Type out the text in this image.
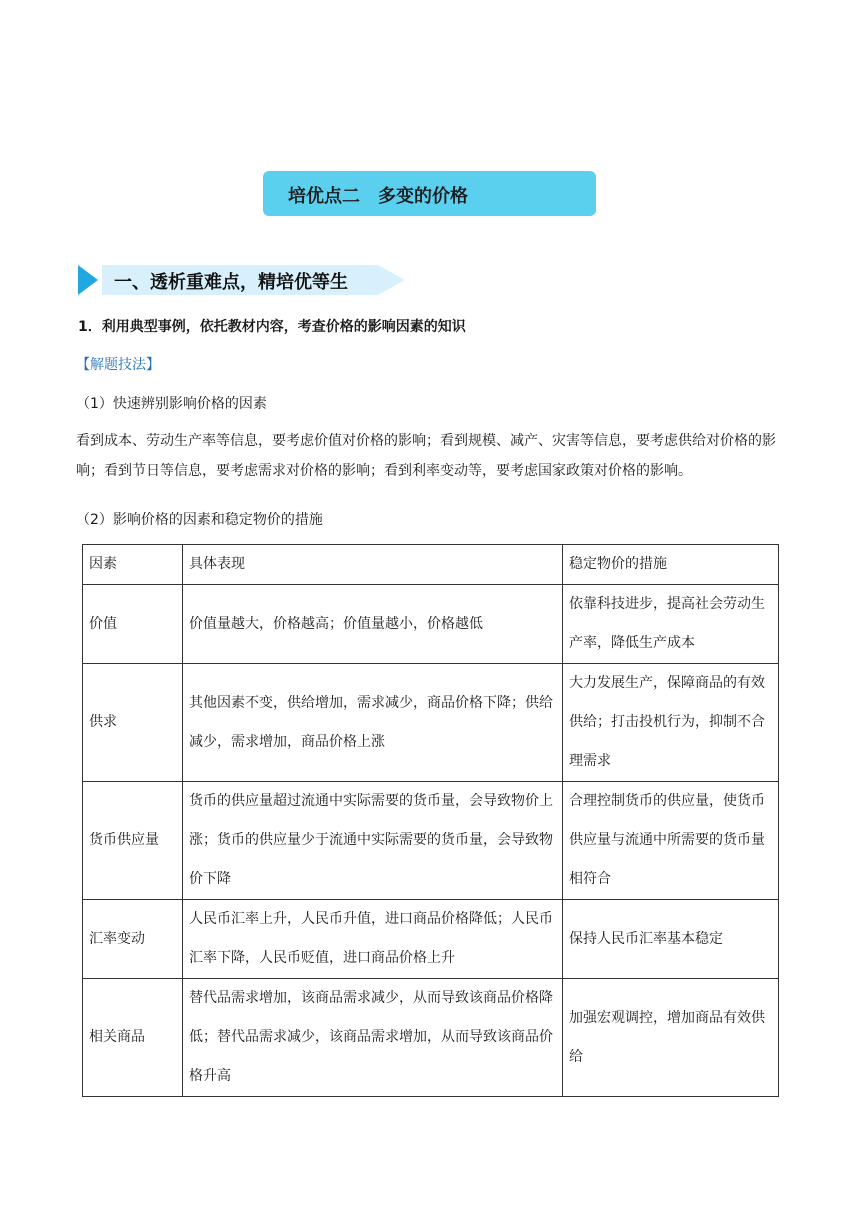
培优点二　多变的价格
一、透析重难点，精培优等生
1．利用典型事例，依托教材内容，考查价格的影响因素的知识
【解题技法】
（1）快速辨别影响价格的因素
看到成本、劳动生产率等信息，要考虑价值对价格的影响；看到规模、减产、灾害等信息，要考虑供给对价格的影响；看到节日等信息，要考虑需求对价格的影响；看到利率变动等，要考虑国家政策对价格的影响。
（2）影响价格的因素和稳定物价的措施
因素	具体表现	稳定物价的措施
价值	价值量越大，价格越高；价值量越小，价格越低	依靠科技进步，提高社会劳动生产率，降低生产成本
供求	其他因素不变，供给增加，需求减少，商品价格下降；供给减少，需求增加，商品价格上涨	大力发展生产，保障商品的有效供给；打击投机行为，抑制不合理需求
货币供应量	货币的供应量超过流通中实际需要的货币量，会导致物价上涨；货币的供应量少于流通中实际需要的货币量，会导致物价下降	合理控制货币的供应量，使货币供应量与流通中所需要的货币量相符合
汇率变动	人民币汇率上升，人民币升值，进口商品价格降低；人民币汇率下降，人民币贬值，进口商品价格上升	保持人民币汇率基本稳定
相关商品	替代品需求增加，该商品需求减少，从而导致该商品价格降低；替代品需求减少，该商品需求增加，从而导致该商品价格升高	加强宏观调控，增加商品有效供给
